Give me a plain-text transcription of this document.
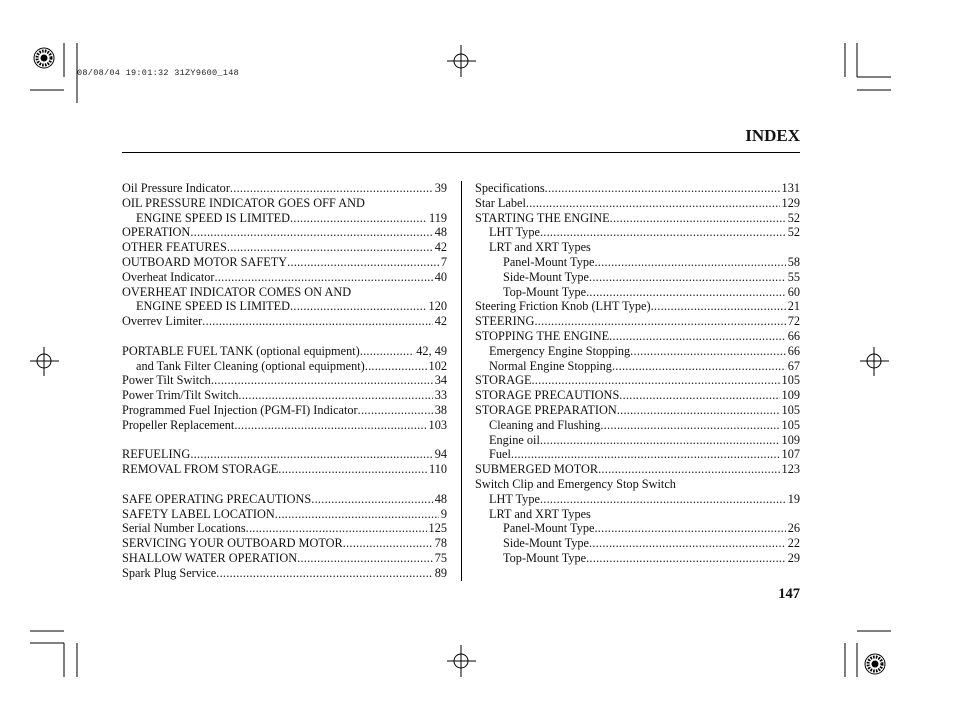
08/08/04 19:01:32 31ZY9600_148
INDEX
Oil Pressure Indicator .....	39
OIL PRESSURE INDICATOR GOES OFF AND
ENGINE SPEED IS LIMITED .....	119
OPERATION .....	48
OTHER FEATURES .....	42
OUTBOARD MOTOR SAFETY .....	7
Overheat Indicator .....	40
OVERHEAT INDICATOR COMES ON AND
ENGINE SPEED IS LIMITED .....	120
Overrev Limiter .....	42
PORTABLE FUEL TANK (optional equipment) .....	42, 49
and Tank Filter Cleaning (optional equipment) .....	102
Power Tilt Switch .....	34
Power Trim/Tilt Switch .....	33
Programmed Fuel Injection (PGM-FI) Indicator .....	38
Propeller Replacement .....	103
REFUELING .....	94
REMOVAL FROM STORAGE .....	110
SAFE OPERATING PRECAUTIONS .....	48
SAFETY LABEL LOCATION .....	9
Serial Number Locations .....	125
SERVICING YOUR OUTBOARD MOTOR .....	78
SHALLOW WATER OPERATION .....	75
Spark Plug Service .....	89
Specifications .....	131
Star Label .....	129
STARTING THE ENGINE .....	52
LHT Type .....	52
LRT and XRT Types
Panel-Mount Type .....	58
Side-Mount Type .....	55
Top-Mount Type .....	60
Steering Friction Knob (LHT Type) .....	21
STEERING .....	72
STOPPING THE ENGINE .....	66
Emergency Engine Stopping .....	66
Normal Engine Stopping .....	67
STORAGE .....	105
STORAGE PRECAUTIONS .....	109
STORAGE PREPARATION .....	105
Cleaning and Flushing .....	105
Engine oil .....	109
Fuel .....	107
SUBMERGED MOTOR .....	123
Switch Clip and Emergency Stop Switch
LHT Type .....	19
LRT and XRT Types
Panel-Mount Type .....	26
Side-Mount Type .....	22
Top-Mount Type .....	29
147
